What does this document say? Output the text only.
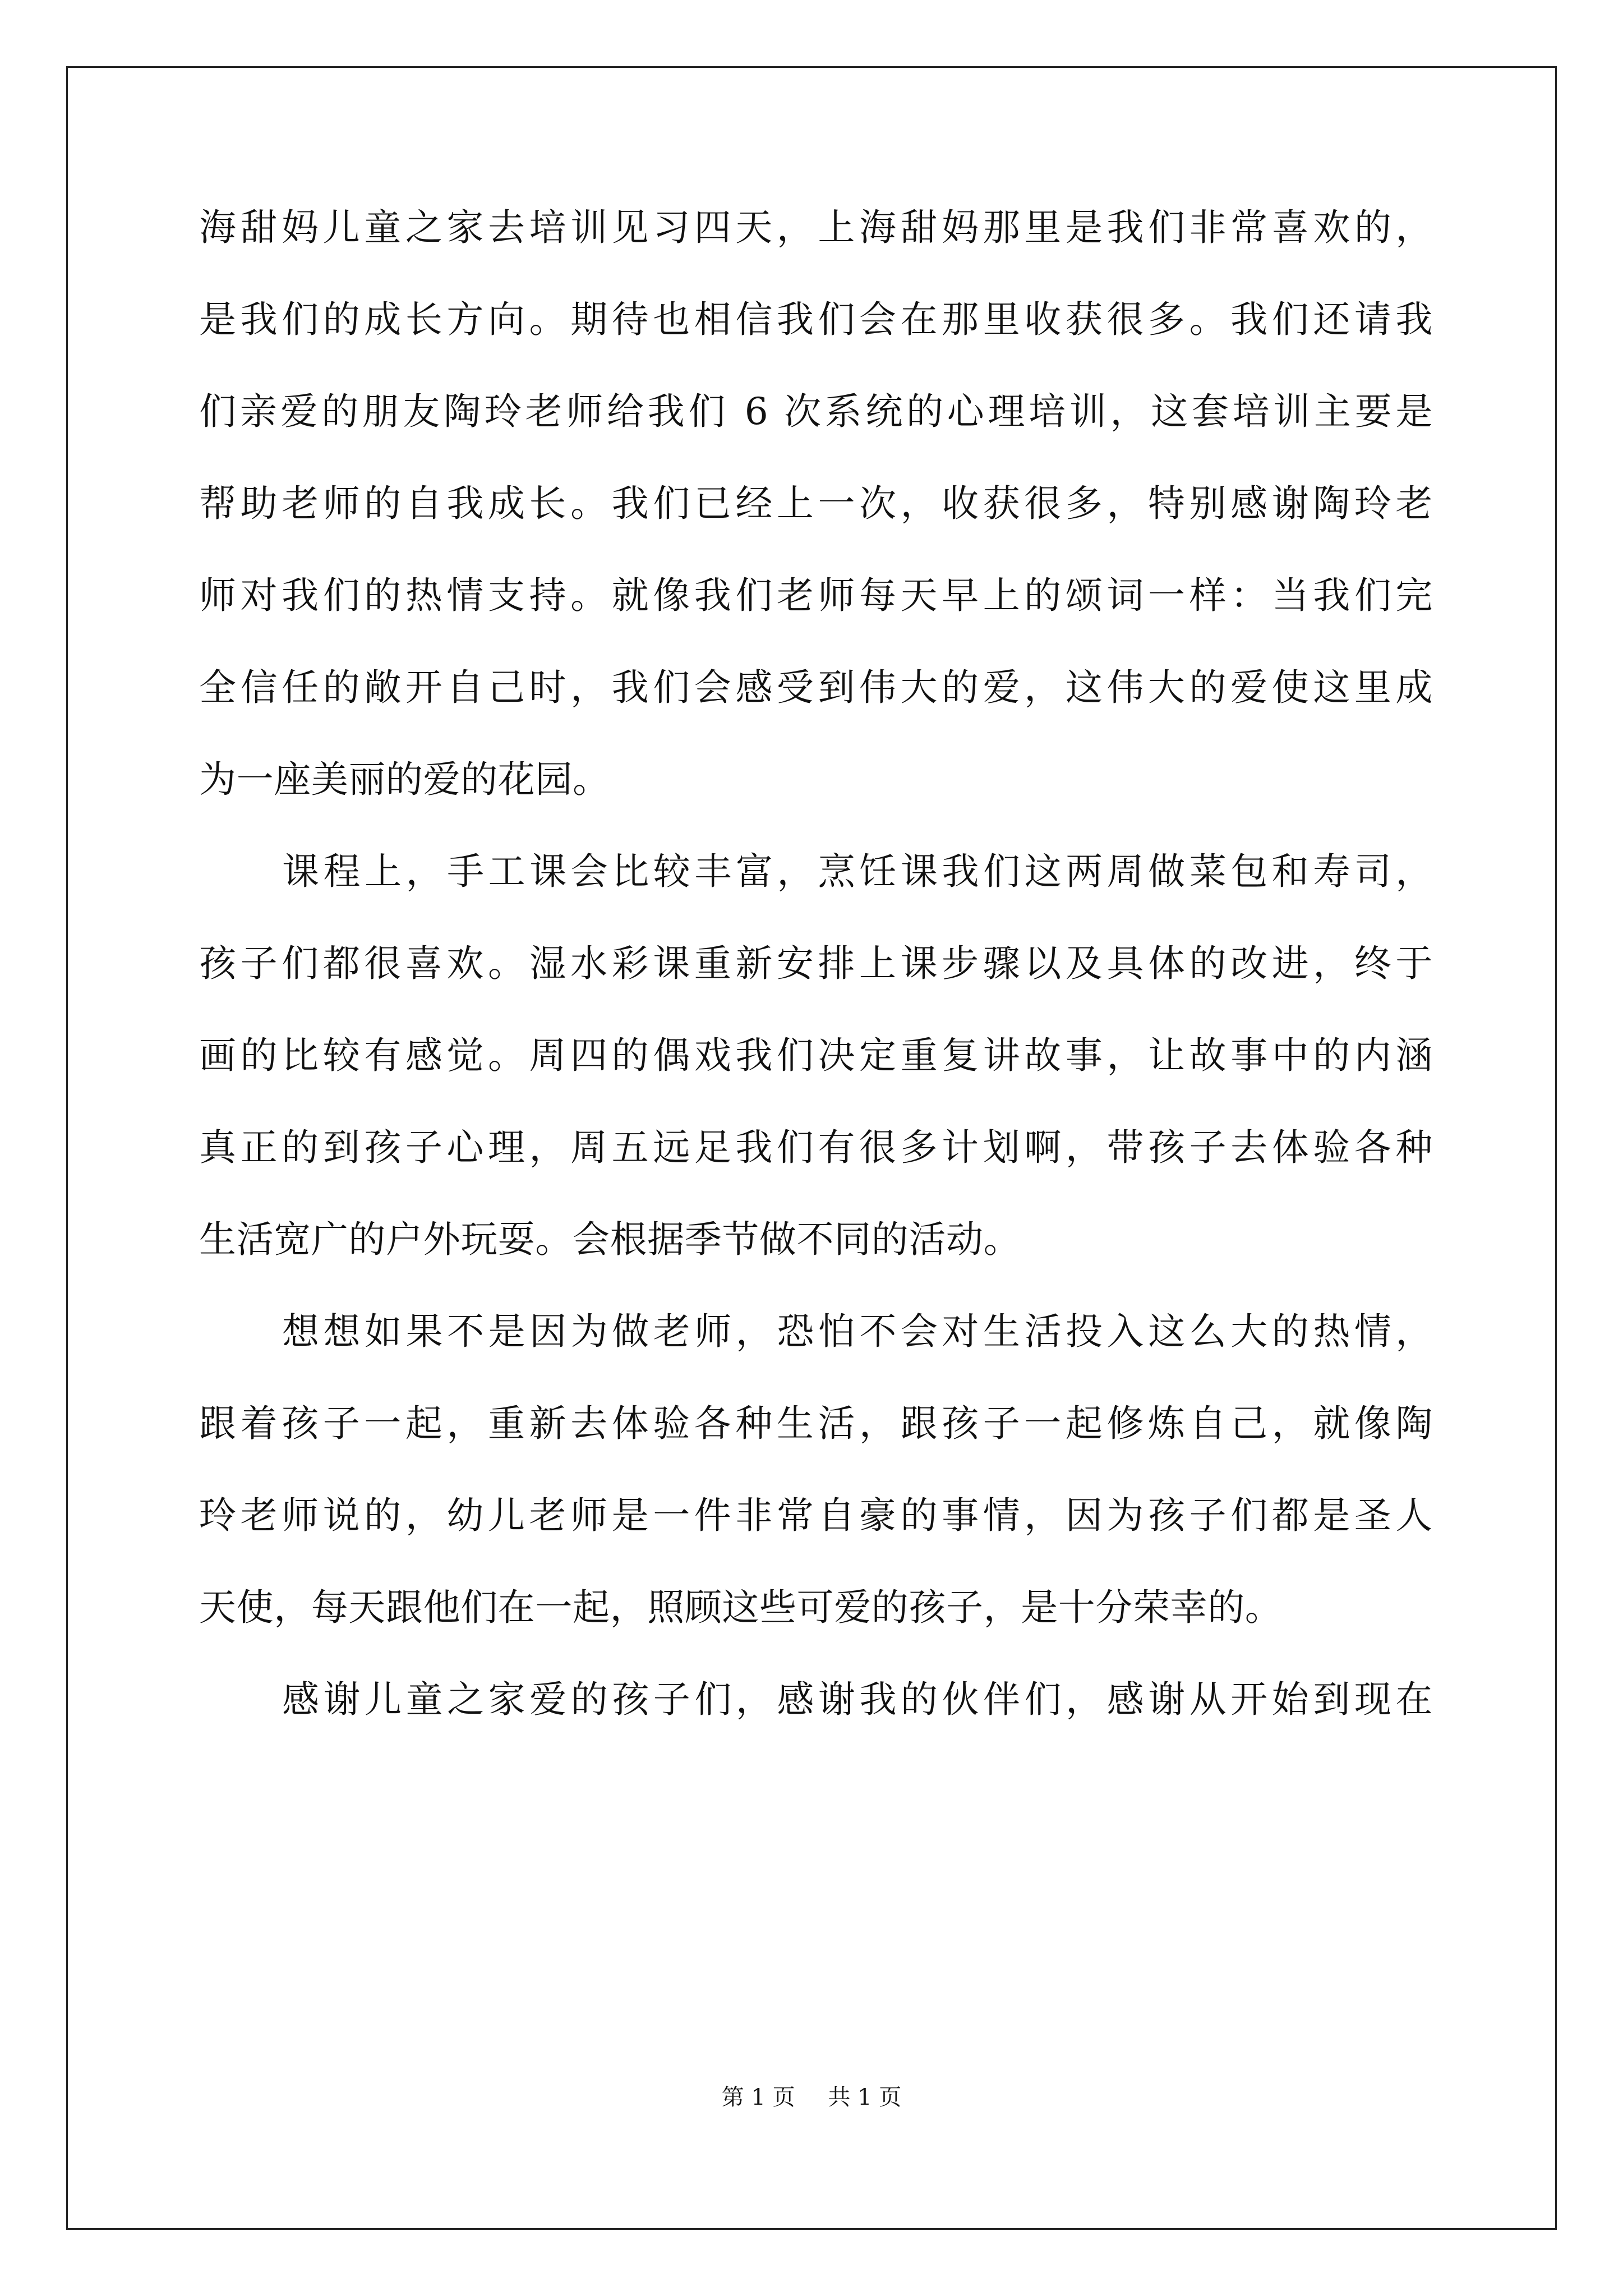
海甜妈儿童之家去培训见习四天，上海甜妈那里是我们非常喜欢的，
是我们的成长方向。期待也相信我们会在那里收获很多。我们还请我
们亲爱的朋友陶玲老师给我们 6 次系统的心理培训，这套培训主要是
帮助老师的自我成长。我们已经上一次，收获很多，特别感谢陶玲老
师对我们的热情支持。就像我们老师每天早上的颂词一样：当我们完
全信任的敞开自己时，我们会感受到伟大的爱，这伟大的爱使这里成
为一座美丽的爱的花园。
课程上，手工课会比较丰富，烹饪课我们这两周做菜包和寿司，
孩子们都很喜欢。湿水彩课重新安排上课步骤以及具体的改进，终于
画的比较有感觉。周四的偶戏我们决定重复讲故事，让故事中的内涵
真正的到孩子心理，周五远足我们有很多计划啊，带孩子去体验各种
生活宽广的户外玩耍。会根据季节做不同的活动。
想想如果不是因为做老师，恐怕不会对生活投入这么大的热情，
跟着孩子一起，重新去体验各种生活，跟孩子一起修炼自己，就像陶
玲老师说的，幼儿老师是一件非常自豪的事情，因为孩子们都是圣人
天使，每天跟他们在一起，照顾这些可爱的孩子，是十分荣幸的。
感谢儿童之家爱的孩子们，感谢我的伙伴们，感谢从开始到现在
第 1 页 共 1 页
